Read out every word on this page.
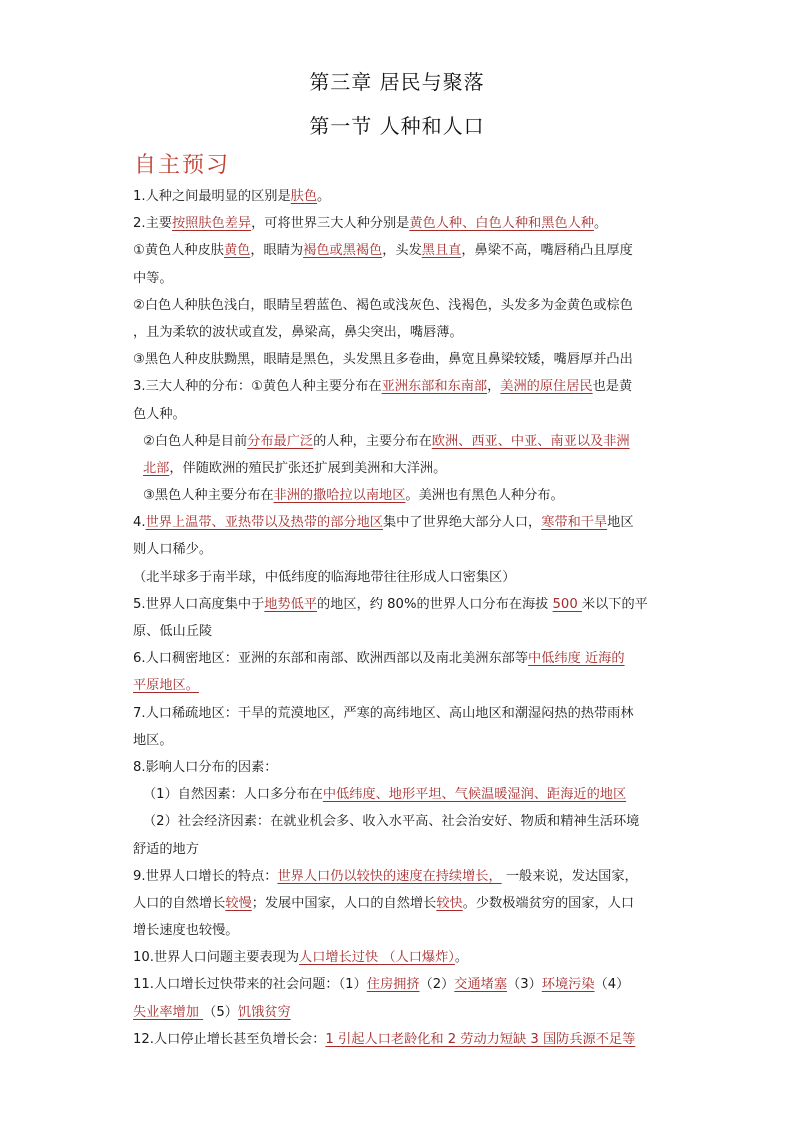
第三章 居民与聚落
第一节 人种和人口
自主预习
1.人种之间最明显的区别是肤色。
2.主要按照肤色差异，可将世界三大人种分别是黄色人种、白色人种和黑色人种。
①黄色人种皮肤黄色，眼睛为褐色或黑褐色，头发黑且直，鼻梁不高，嘴唇稍凸且厚度
中等。
②白色人种肤色浅白，眼睛呈碧蓝色、褐色或浅灰色、浅褐色，头发多为金黄色或棕色
，且为柔软的波状或直发，鼻梁高，鼻尖突出，嘴唇薄。
③黑色人种皮肤黝黑，眼睛是黑色，头发黑且多卷曲，鼻宽且鼻梁较矮，嘴唇厚并凸出
3.三大人种的分布：①黄色人种主要分布在亚洲东部和东南部，美洲的原住居民也是黄
色人种。
②白色人种是目前分布最广泛的人种，主要分布在欧洲、西亚、中亚、南亚以及非洲
北部，伴随欧洲的殖民扩张还扩展到美洲和大洋洲。
③黑色人种主要分布在非洲的撒哈拉以南地区。美洲也有黑色人种分布。
4.世界上温带、亚热带以及热带的部分地区集中了世界绝大部分人口，寒带和干旱地区
则人口稀少。
（北半球多于南半球，中低纬度的临海地带往往形成人口密集区）
5.世界人口高度集中于地势低平的地区，约 80%的世界人口分布在海拔 500 米以下的平
原、低山丘陵
6.人口稠密地区：亚洲的东部和南部、欧洲西部以及南北美洲东部等中低纬度 近海的
平原地区。
7.人口稀疏地区：干旱的荒漠地区，严寒的高纬地区、高山地区和潮湿闷热的热带雨林
地区。
8.影响人口分布的因素：
（1）自然因素：人口多分布在中低纬度、地形平坦、气候温暖湿润、距海近的地区
（2）社会经济因素：在就业机会多、收入水平高、社会治安好、物质和精神生活环境
舒适的地方
9.世界人口增长的特点：世界人口仍以较快的速度在持续增长， 一般来说，发达国家，
人口的自然增长较慢；发展中国家，人口的自然增长较快。少数极端贫穷的国家，人口
增长速度也较慢。
10.世界人口问题主要表现为人口增长过快 （人口爆炸）。
11.人口增长过快带来的社会问题：（1）住房拥挤（2）交通堵塞（3）环境污染（4）
失业率增加 （5）饥饿贫穷
12.人口停止增长甚至负增长会：1 引起人口老龄化和 2 劳动力短缺 3 国防兵源不足等
